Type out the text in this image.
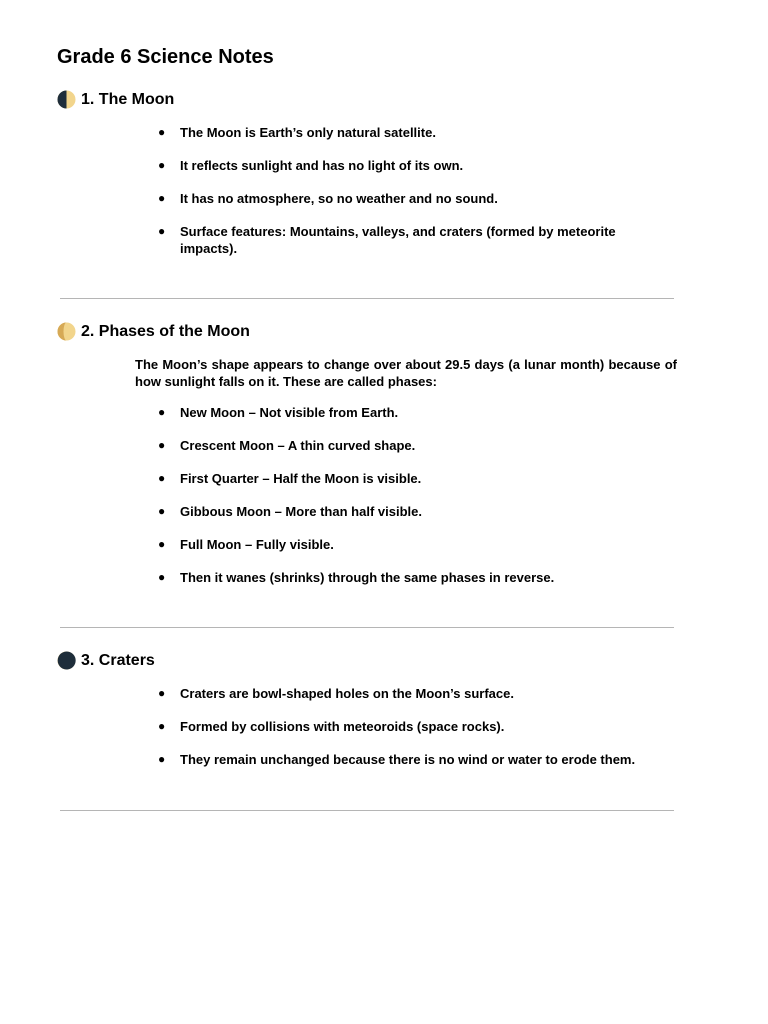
Grade 6 Science Notes
1. The Moon
● The Moon is Earth’s only natural satellite.
● It reflects sunlight and has no light of its own.
● It has no atmosphere, so no weather and no sound.
● Surface features: Mountains, valleys, and craters (formed by meteorite impacts).
2. Phases of the Moon

The Moon’s shape appears to change over about 29.5 days (a lunar month) because of how sunlight falls on it. These are called phases:

● New Moon – Not visible from Earth.
● Crescent Moon – A thin curved shape.
● First Quarter – Half the Moon is visible.
● Gibbous Moon – More than half visible.
● Full Moon – Fully visible.
● Then it wanes (shrinks) through the same phases in reverse.
3. Craters
● Craters are bowl-shaped holes on the Moon’s surface.
● Formed by collisions with meteoroids (space rocks).
● They remain unchanged because there is no wind or water to erode them.
